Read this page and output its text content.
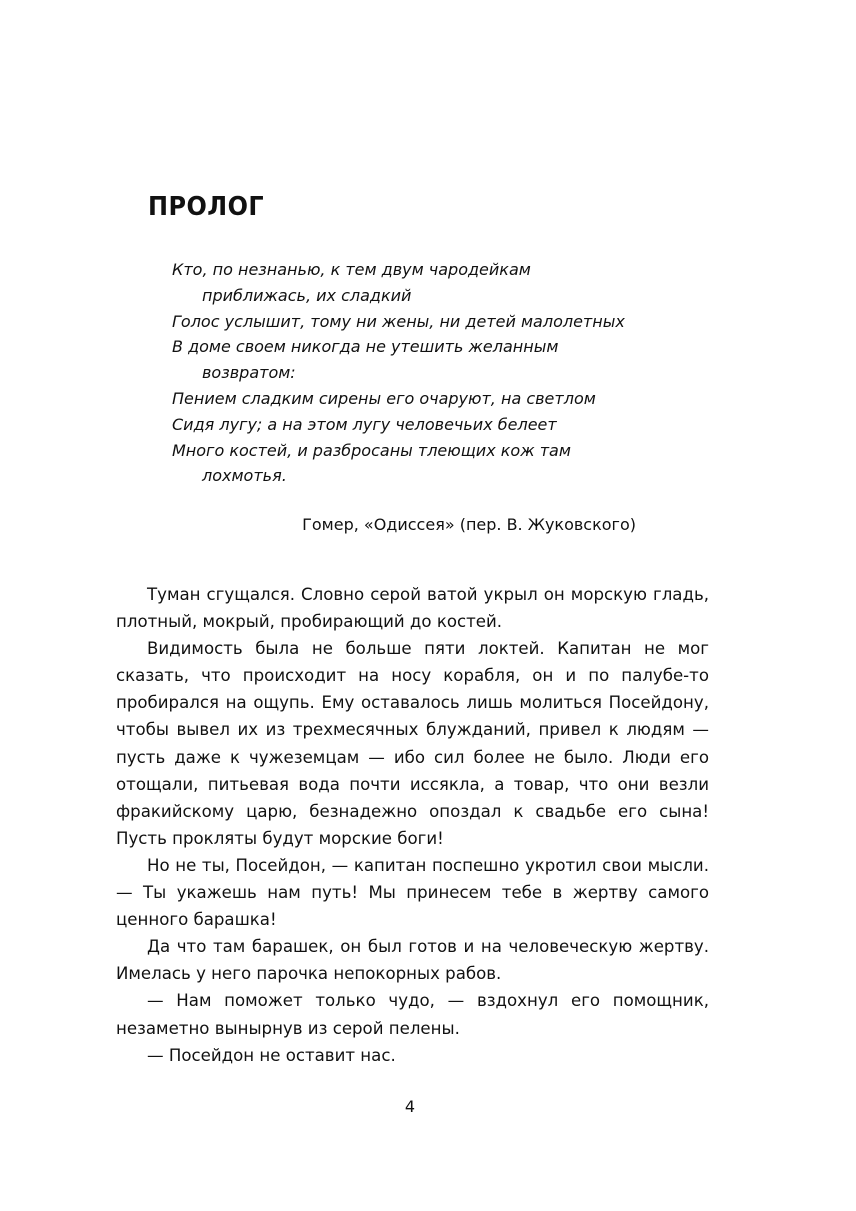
ПРОЛОГ
Кто, по незнанью, к тем двум чародейкам
приближась, их сладкий
Голос услышит, тому ни жены, ни детей малолетных
В доме своем никогда не утешить желанным
возвратом:
Пением сладким сирены его очаруют, на светлом
Сидя лугу; а на этом лугу человечьих белеет
Много костей, и разбросаны тлеющих кож там
лохмотья.
Гомер, «Одиссея» (пер. В. Жуковского)

Туман сгущался. Словно серой ватой укрыл он морскую гладь, плотный, мокрый, пробирающий до костей.

Видимость была не больше пяти локтей. Капитан не мог сказать, что происходит на носу корабля, он и по палубе-то пробирался на ощупь. Ему оставалось лишь молиться Посейдону, чтобы вывел их из трехмесячных блужданий, привел к людям — пусть даже к чужеземцам — ибо сил более не было. Люди его отощали, питьевая вода почти иссякла, а товар, что они везли фракийскому царю, безнадежно опоздал к свадьбе его сына! Пусть прокляты будут морские боги!

Но не ты, Посейдон, — капитан поспешно укротил свои мысли. — Ты укажешь нам путь! Мы принесем тебе в жертву самого ценного барашка!

Да что там барашек, он был готов и на человеческую жертву. Имелась у него парочка непокорных рабов.

— Нам поможет только чудо, — вздохнул его помощник, незаметно вынырнув из серой пелены.

— Посейдон не оставит нас.

4
